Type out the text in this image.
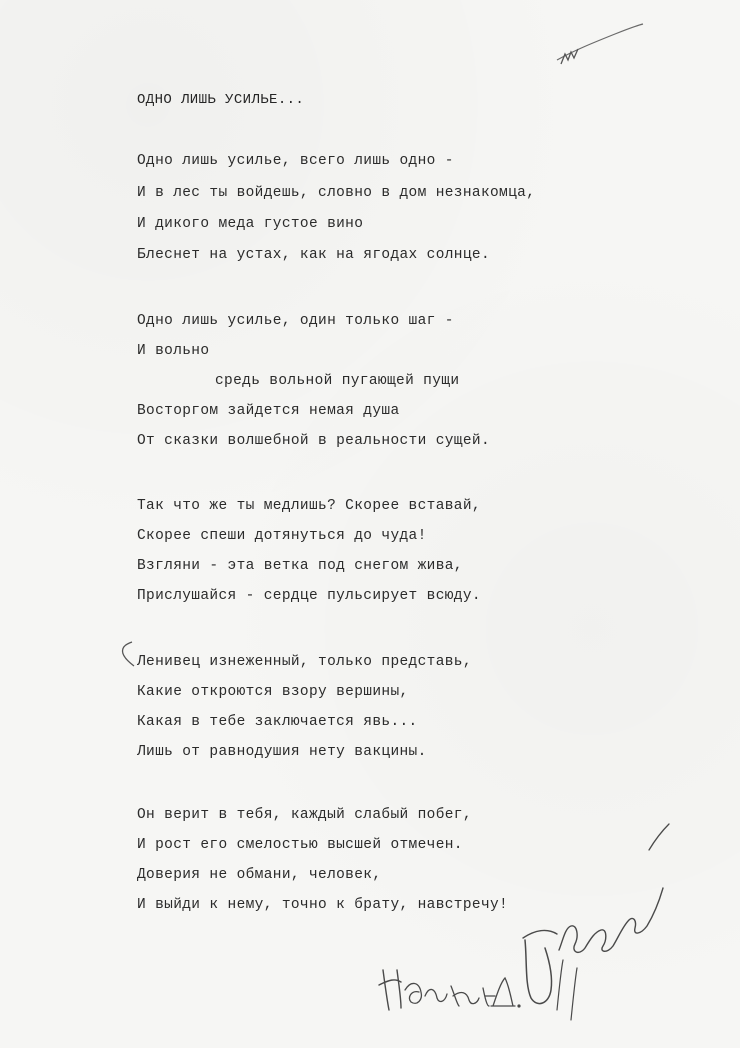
ОДНО ЛИШЬ УСИЛЬЕ...
Одно лишь усилье, всего лишь одно -
И в лес ты войдешь, словно в дом незнакомца,
И дикого меда густое вино
Блеснет на устах, как на ягодах солнце.
Одно лишь усилье, один только шаг -
И вольно
средь вольной пугающей пущи
Восторгом зайдется немая душа
От сказки волшебной в реальности сущей.
Так что же ты медлишь? Скорее вставай,
Скорее спеши дотянуться до чуда!
Взгляни - эта ветка под снегом жива,
Прислушайся - сердце пульсирует всюду.
Ленивец изнеженный, только представь,
Какие откроются взору вершины,
Какая в тебе заключается явь...
Лишь от равнодушия нету вакцины.
Он верит в тебя, каждый слабый побег,
И рост его смелостью высшей отмечен.
Доверия не обмани, человек,
И выйди к нему, точно к брату, навстречу!
